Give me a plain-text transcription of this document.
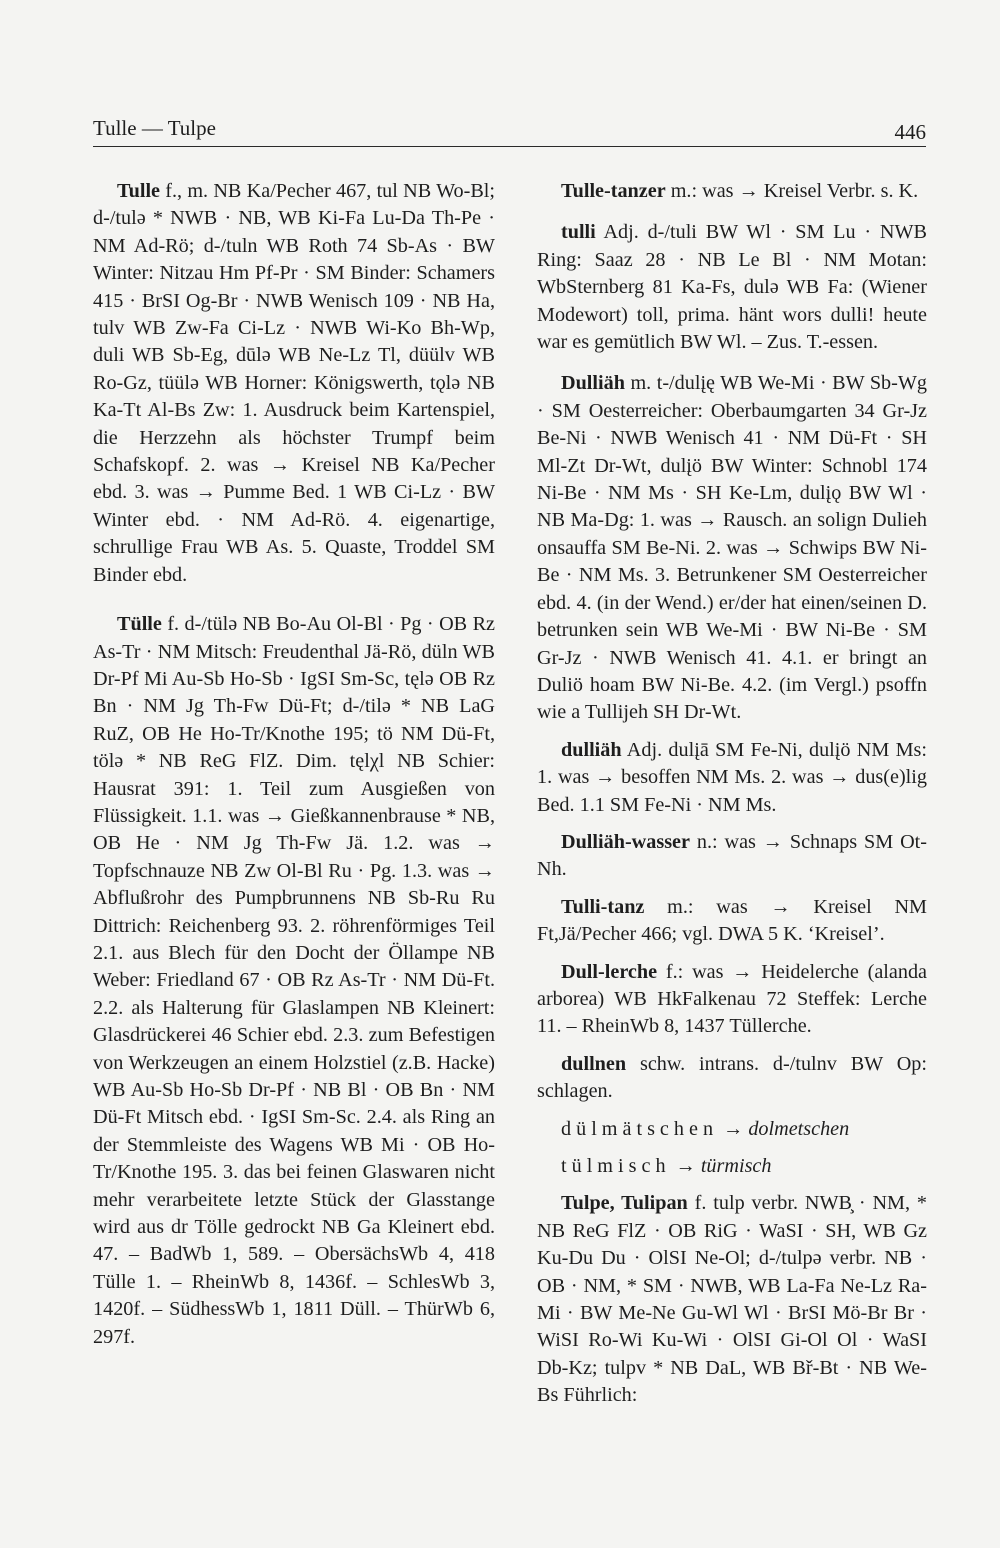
Tulle — Tulpe	446

Tulle f., m. NB Ka/Pecher 467, tul NB Wo-Bl; d-/tulə * NWB · NB, WB Ki-Fa Lu-Da Th-Pe · NM Ad-Rö; d-/tuln WB Roth 74 Sb-As · BW Winter: Nitzau Hm Pf-Pr · SM Binder: Schamers 415 · BrSI Og-Br · NWB Wenisch 109 · NB Ha, tulv WB Zw-Fa Ci-Lz · NWB Wi-Ko Bh-Wp, duli WB Sb-Eg, dūlə WB Ne-Lz Tl, düülv WB Ro-Gz, tüülə WB Horner: Königswerth, tǫlə NB Ka-Tt Al-Bs Zw: 1. Ausdruck beim Kartenspiel, die Herzzehn als höchster Trumpf beim Schafskopf. 2. was → Kreisel NB Ka/Pecher ebd. 3. was → Pumme Bed. 1 WB Ci-Lz · BW Winter ebd. · NM Ad-Rö. 4. eigenartige, schrullige Frau WB As. 5. Quaste, Troddel SM Binder ebd.

Tülle f. d-/tülə NB Bo-Au Ol-Bl · Pg · OB Rz As-Tr · NM Mitsch: Freudenthal Jä-Rö, düln WB Dr-Pf Mi Au-Sb Ho-Sb · IgSI Sm-Sc, tęlə OB Rz Bn · NM Jg Th-Fw Dü-Ft; d-/tilə * NB LaG RuZ, OB He Ho-Tr/Knothe 195; tö NM Dü-Ft, tölə * NB ReG FlZ. Dim. tęlχl NB Schier: Hausrat 391: 1. Teil zum Ausgießen von Flüssigkeit. 1.1. was → Gießkannenbrause * NB, OB He · NM Jg Th-Fw Jä. 1.2. was → Topfschnauze NB Zw Ol-Bl Ru · Pg. 1.3. was → Abflußrohr des Pumpbrunnens NB Sb-Ru Ru Dittrich: Reichenberg 93. 2. röhrenförmiges Teil 2.1. aus Blech für den Docht der Öllampe NB Weber: Friedland 67 · OB Rz As-Tr · NM Dü-Ft. 2.2. als Halterung für Glaslampen NB Kleinert: Glasdrückerei 46 Schier ebd. 2.3. zum Befestigen von Werkzeugen an einem Holzstiel (z.B. Hacke) WB Au-Sb Ho-Sb Dr-Pf · NB Bl · OB Bn · NM Dü-Ft Mitsch ebd. · IgSI Sm-Sc. 2.4. als Ring an der Stemmleiste des Wagens WB Mi · OB Ho-Tr/Knothe 195. 3. das bei feinen Glaswaren nicht mehr verarbeitete letzte Stück der Glasstange wird aus dr Tölle gedrockt NB Ga Kleinert ebd. 47. – BadWb 1, 589. – ObersächsWb 4, 418 Tülle 1. – RheinWb 8, 1436f. – SchlesWb 3, 1420f. – SüdhessWb 1, 1811 Düll. – ThürWb 6, 297f.

Tulle-tanzer m.: was → Kreisel Verbr. s. K.

tulli Adj. d-/tuli BW Wl · SM Lu · NWB Ring: Saaz 28 · NB Le Bl · NM Motan: WbSternberg 81 Ka-Fs, dulə WB Fa: (Wiener Modewort) toll, prima. hänt wors dulli! heute war es gemütlich BW Wl. – Zus. T.-essen.

Dulliäh m. t-/dulįę WB We-Mi · BW Sb-Wg · SM Oesterreicher: Oberbaumgarten 34 Gr-Jz Be-Ni · NWB Wenisch 41 · NM Dü-Ft · SH Ml-Zt Dr-Wt, dulįö BW Winter: Schnobl 174 Ni-Be · NM Ms · SH Ke-Lm, dulįǫ BW Wl · NB Ma-Dg: 1. was → Rausch. an solign Dulieh onsauffa SM Be-Ni. 2. was → Schwips BW Ni-Be · NM Ms. 3. Betrunkener SM Oesterreicher ebd. 4. (in der Wend.) er/der hat einen/seinen D. betrunken sein WB We-Mi · BW Ni-Be · SM Gr-Jz · NWB Wenisch 41. 4.1. er bringt an Duliö hoam BW Ni-Be. 4.2. (im Vergl.) psoffn wie a Tullijeh SH Dr-Wt.

dulliäh Adj. dulįā SM Fe-Ni, dulįö NM Ms: 1. was → besoffen NM Ms. 2. was → dus(e)lig Bed. 1.1 SM Fe-Ni · NM Ms.

Dulliäh-wasser n.: was → Schnaps SM Ot-Nh.

Tulli-tanz m.: was → Kreisel NM Ft,Jä/Pecher 466; vgl. DWA 5 K. ‘Kreisel’.

Dull-lerche f.: was → Heidelerche (alanda arborea) WB HkFalkenau 72 Steffek: Lerche 11. – RheinWb 8, 1437 Tüllerche.

dullnen schw. intrans. d-/tulnv BW Op: schlagen.

dülmätschen → dolmetschen

tülmisch → türmisch

Tulpe, Tulipan f. tulp verbr. NWB̧ · NM, * NB ReG FlZ · OB RiG · WaSI · SH, WB Gz Ku-Du Du · OlSI Ne-Ol; d-/tulpə verbr. NB · OB · NM, * SM · NWB, WB La-Fa Ne-Lz Ra-Mi · BW Me-Ne Gu-Wl Wl · BrSI Mö-Br Br · WiSI Ro-Wi Ku-Wi · OlSI Gi-Ol Ol · WaSI Db-Kz; tulpv * NB DaL, WB Bř-Bt · NB We-Bs Führlich:
